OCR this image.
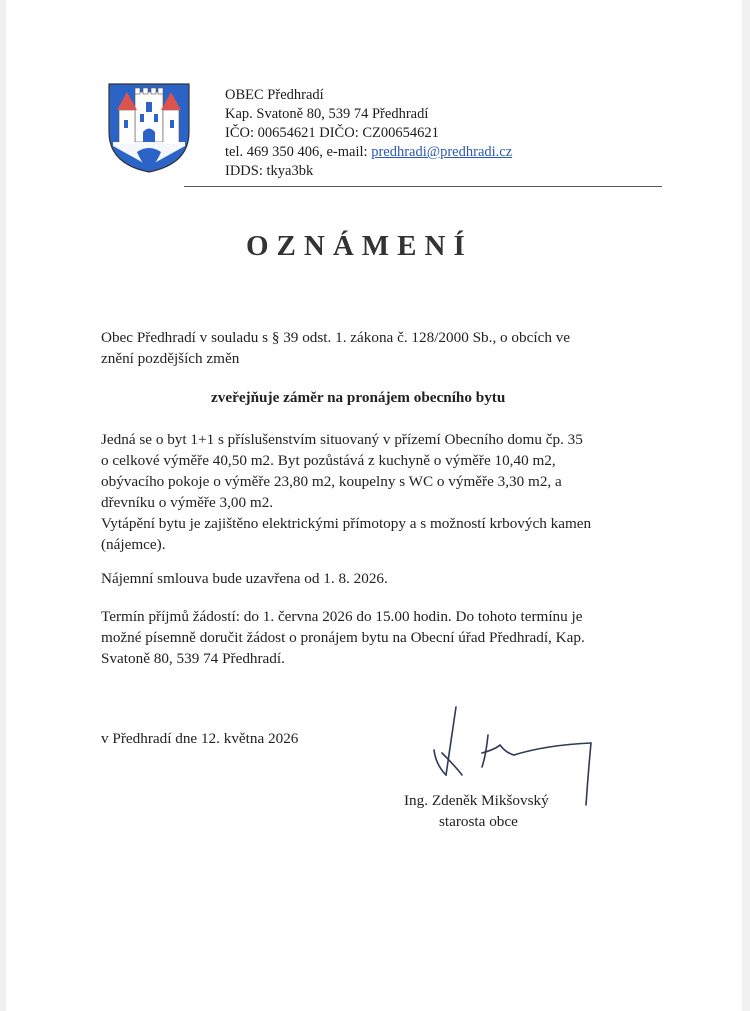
OBEC Předhradí
Kap. Svatoně 80, 539 74 Předhradí
IČO: 00654621 DIČO: CZ00654621
tel. 469 350 406, e-mail: predhradi@predhradi.cz
IDDS: tkya3bk
OZNÁMENÍ
Obec Předhradí v souladu s § 39 odst. 1. zákona č. 128/2000 Sb., o obcích ve
znění pozdějších změn
zveřejňuje záměr na pronájem obecního bytu
Jedná se o byt 1+1 s příslušenstvím situovaný v přízemí Obecního domu čp. 35
o celkové výměře 40,50 m2. Byt pozůstává z kuchyně o výměře 10,40 m2,
obývacího pokoje o výměře 23,80 m2, koupelny s WC o výměře 3,30 m2, a
dřevníku o výměře 3,00 m2.
Vytápění bytu je zajištěno elektrickými přímotopy a s možností krbových kamen
(nájemce).
Nájemní smlouva bude uzavřena od 1. 8. 2026.
Termín příjmů žádostí: do 1. června 2026 do 15.00 hodin. Do tohoto termínu je
možné písemně doručit žádost o pronájem bytu na Obecní úřad Předhradí, Kap.
Svatoně 80, 539 74 Předhradí.
v Předhradí dne 12. května 2026
Ing. Zdeněk Mikšovský
starosta obce
